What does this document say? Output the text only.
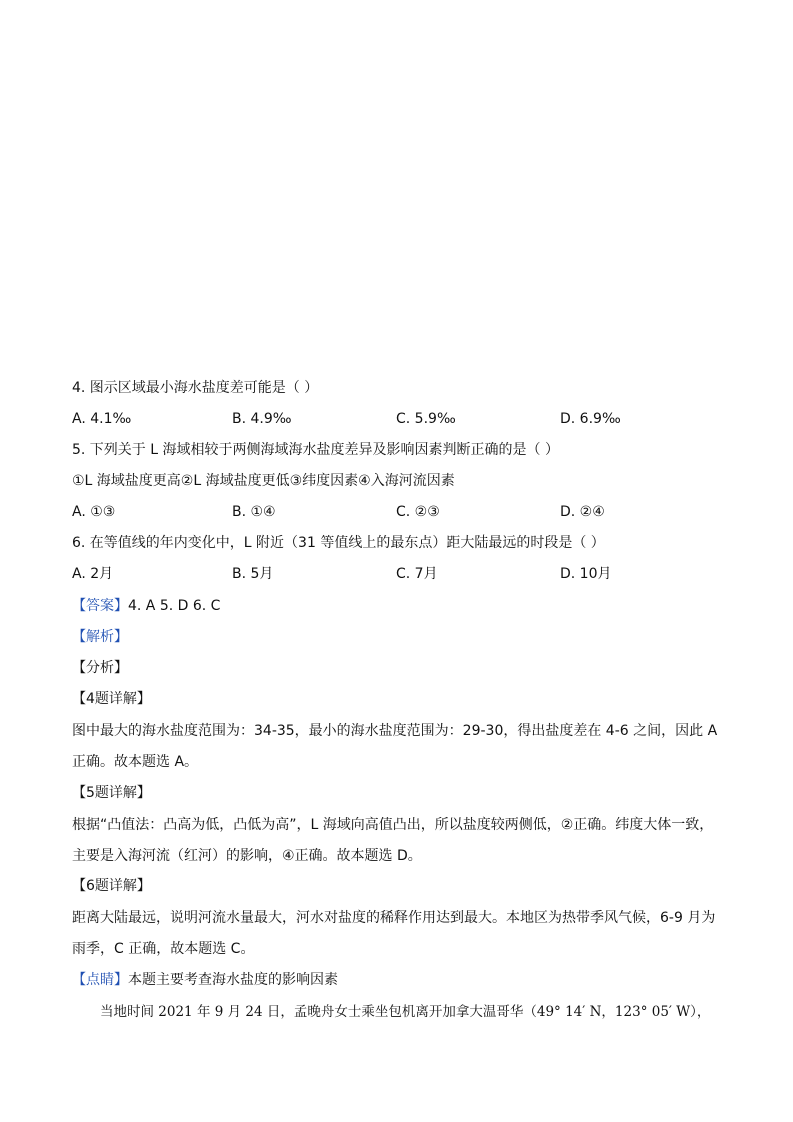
4. 图示区域最小海水盐度差可能是（ ）
A. 4.1‰	B. 4.9‰	C. 5.9‰	D. 6.9‰
5. 下列关于 L 海域相较于两侧海域海水盐度差异及影响因素判断正确的是（ ）
①L 海域盐度更高②L 海域盐度更低③纬度因素④入海河流因素
A. ①③	B. ①④	C. ②③	D. ②④
6. 在等值线的年内变化中，L 附近（31 等值线上的最东点）距大陆最远的时段是（ ）
A. 2月	B. 5月	C. 7月	D. 10月
【答案】4. A 5. D 6. C
【解析】
【分析】
【4题详解】
图中最大的海水盐度范围为：34-35，最小的海水盐度范围为：29-30，得出盐度差在 4-6 之间，因此 A 正确。故本题选 A。
【5题详解】
根据“凸值法：凸高为低，凸低为高”，L 海域向高值凸出，所以盐度较两侧低，②正确。纬度大体一致，主要是入海河流（红河）的影响，④正确。故本题选 D。
【6题详解】
距离大陆最远，说明河流水量最大，河水对盐度的稀释作用达到最大。本地区为热带季风气候，6-9 月为雨季，C 正确，故本题选 C。
【点睛】本题主要考查海水盐度的影响因素
当地时间 2021 年 9 月 24 日，孟晚舟女士乘坐包机离开加拿大温哥华（49° 14′ N，123° 05′ W），
